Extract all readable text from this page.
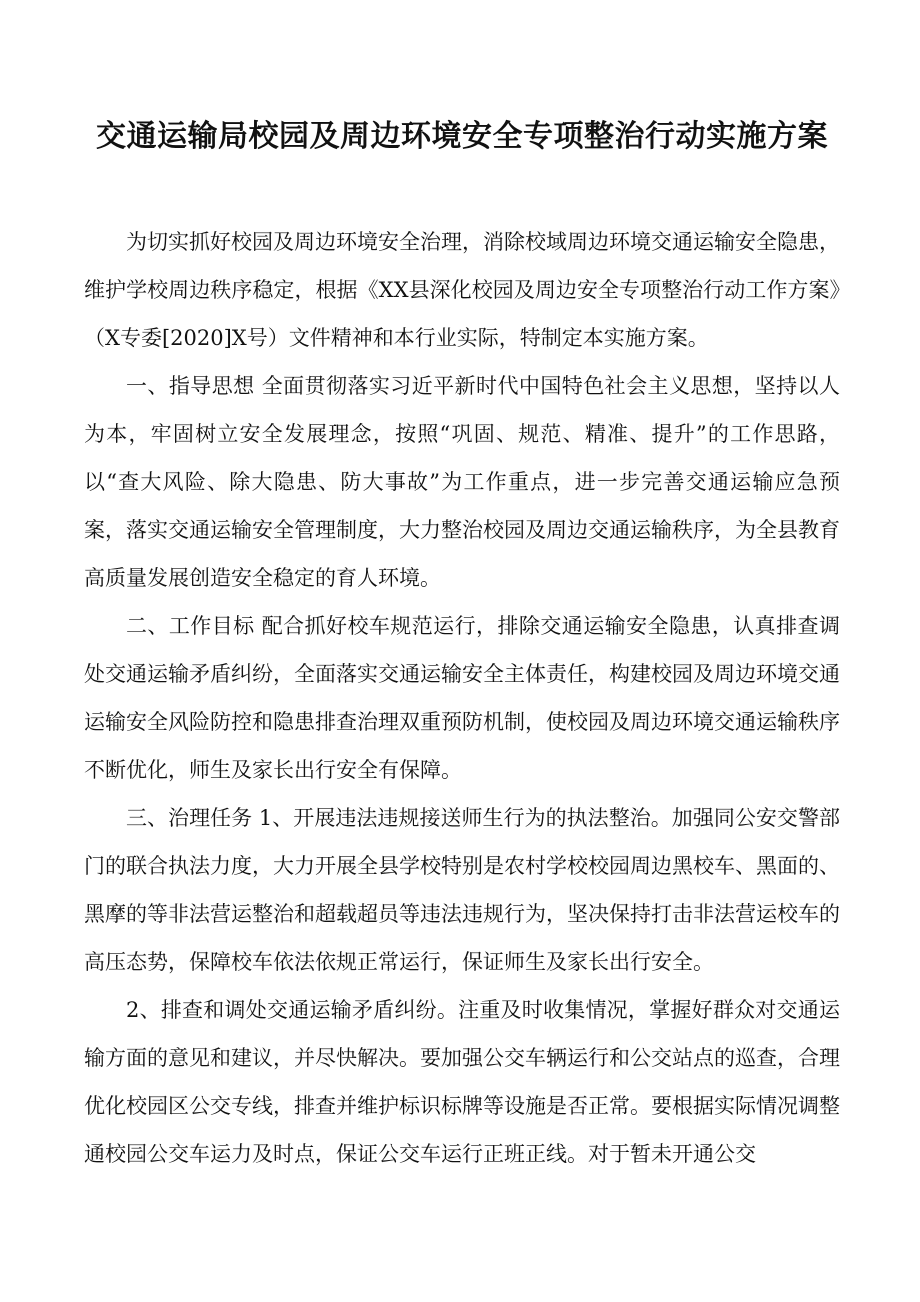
交通运输局校园及周边环境安全专项整治行动实施方案

为切实抓好校园及周边环境安全治理，消除校域周边环境交通运输安全隐患，维护学校周边秩序稳定，根据《XX县深化校园及周边安全专项整治行动工作方案》（X专委[2020]X号）文件精神和本行业实际，特制定本实施方案。

一、指导思想 全面贯彻落实习近平新时代中国特色社会主义思想，坚持以人为本，牢固树立安全发展理念，按照“巩固、规范、精准、提升”的工作思路，以“查大风险、除大隐患、防大事故”为工作重点，进一步完善交通运输应急预案，落实交通运输安全管理制度，大力整治校园及周边交通运输秩序，为全县教育高质量发展创造安全稳定的育人环境。

二、工作目标 配合抓好校车规范运行，排除交通运输安全隐患，认真排查调处交通运输矛盾纠纷，全面落实交通运输安全主体责任，构建校园及周边环境交通运输安全风险防控和隐患排查治理双重预防机制，使校园及周边环境交通运输秩序不断优化，师生及家长出行安全有保障。

三、治理任务 1、开展违法违规接送师生行为的执法整治。加强同公安交警部门的联合执法力度，大力开展全县学校特别是农村学校校园周边黑校车、黑面的、黑摩的等非法营运整治和超载超员等违法违规行为，坚决保持打击非法营运校车的高压态势，保障校车依法依规正常运行，保证师生及家长出行安全。

2、排查和调处交通运输矛盾纠纷。注重及时收集情况，掌握好群众对交通运输方面的意见和建议，并尽快解决。要加强公交车辆运行和公交站点的巡查，合理优化校园区公交专线，排查并维护标识标牌等设施是否正常。要根据实际情况调整通校园公交车运力及时点，保证公交车运行正班正线。对于暂未开通公交
